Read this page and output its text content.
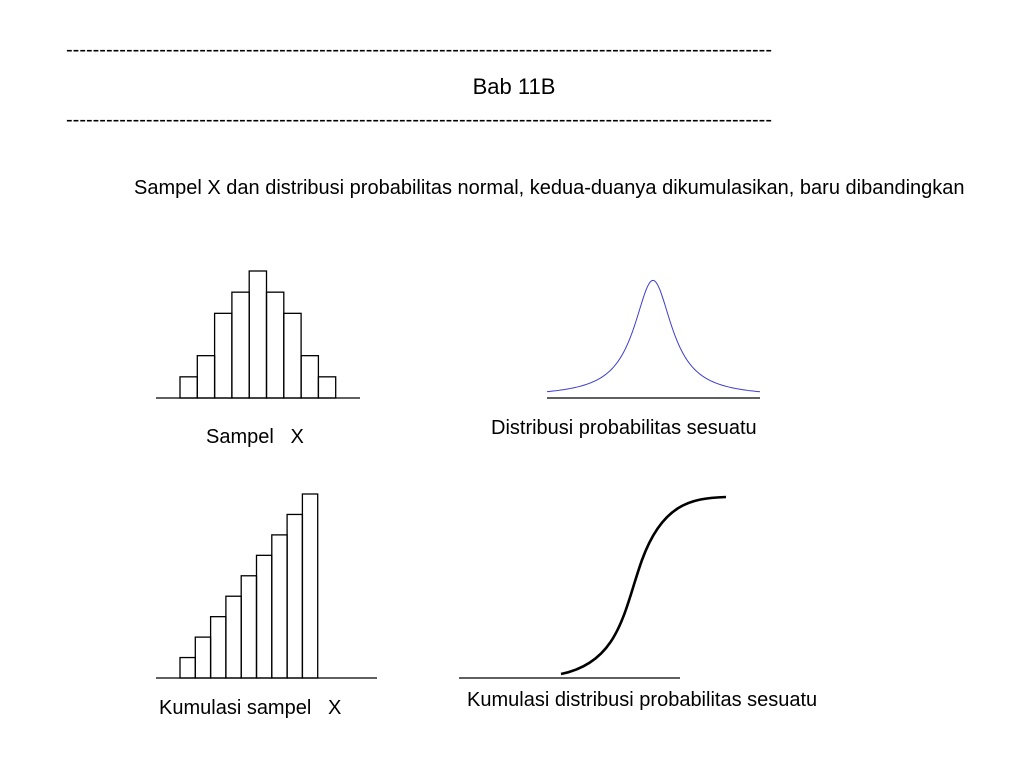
----------------------------------------------------------------------------------------------------------
Bab 11B
----------------------------------------------------------------------------------------------------------
Sampel X dan distribusi probabilitas normal, kedua-duanya dikumulasikan, baru dibandingkan
Sampel   X	Distribusi probabilitas sesuatu
Kumulasi sampel   X	Kumulasi distribusi probabilitas sesuatu
